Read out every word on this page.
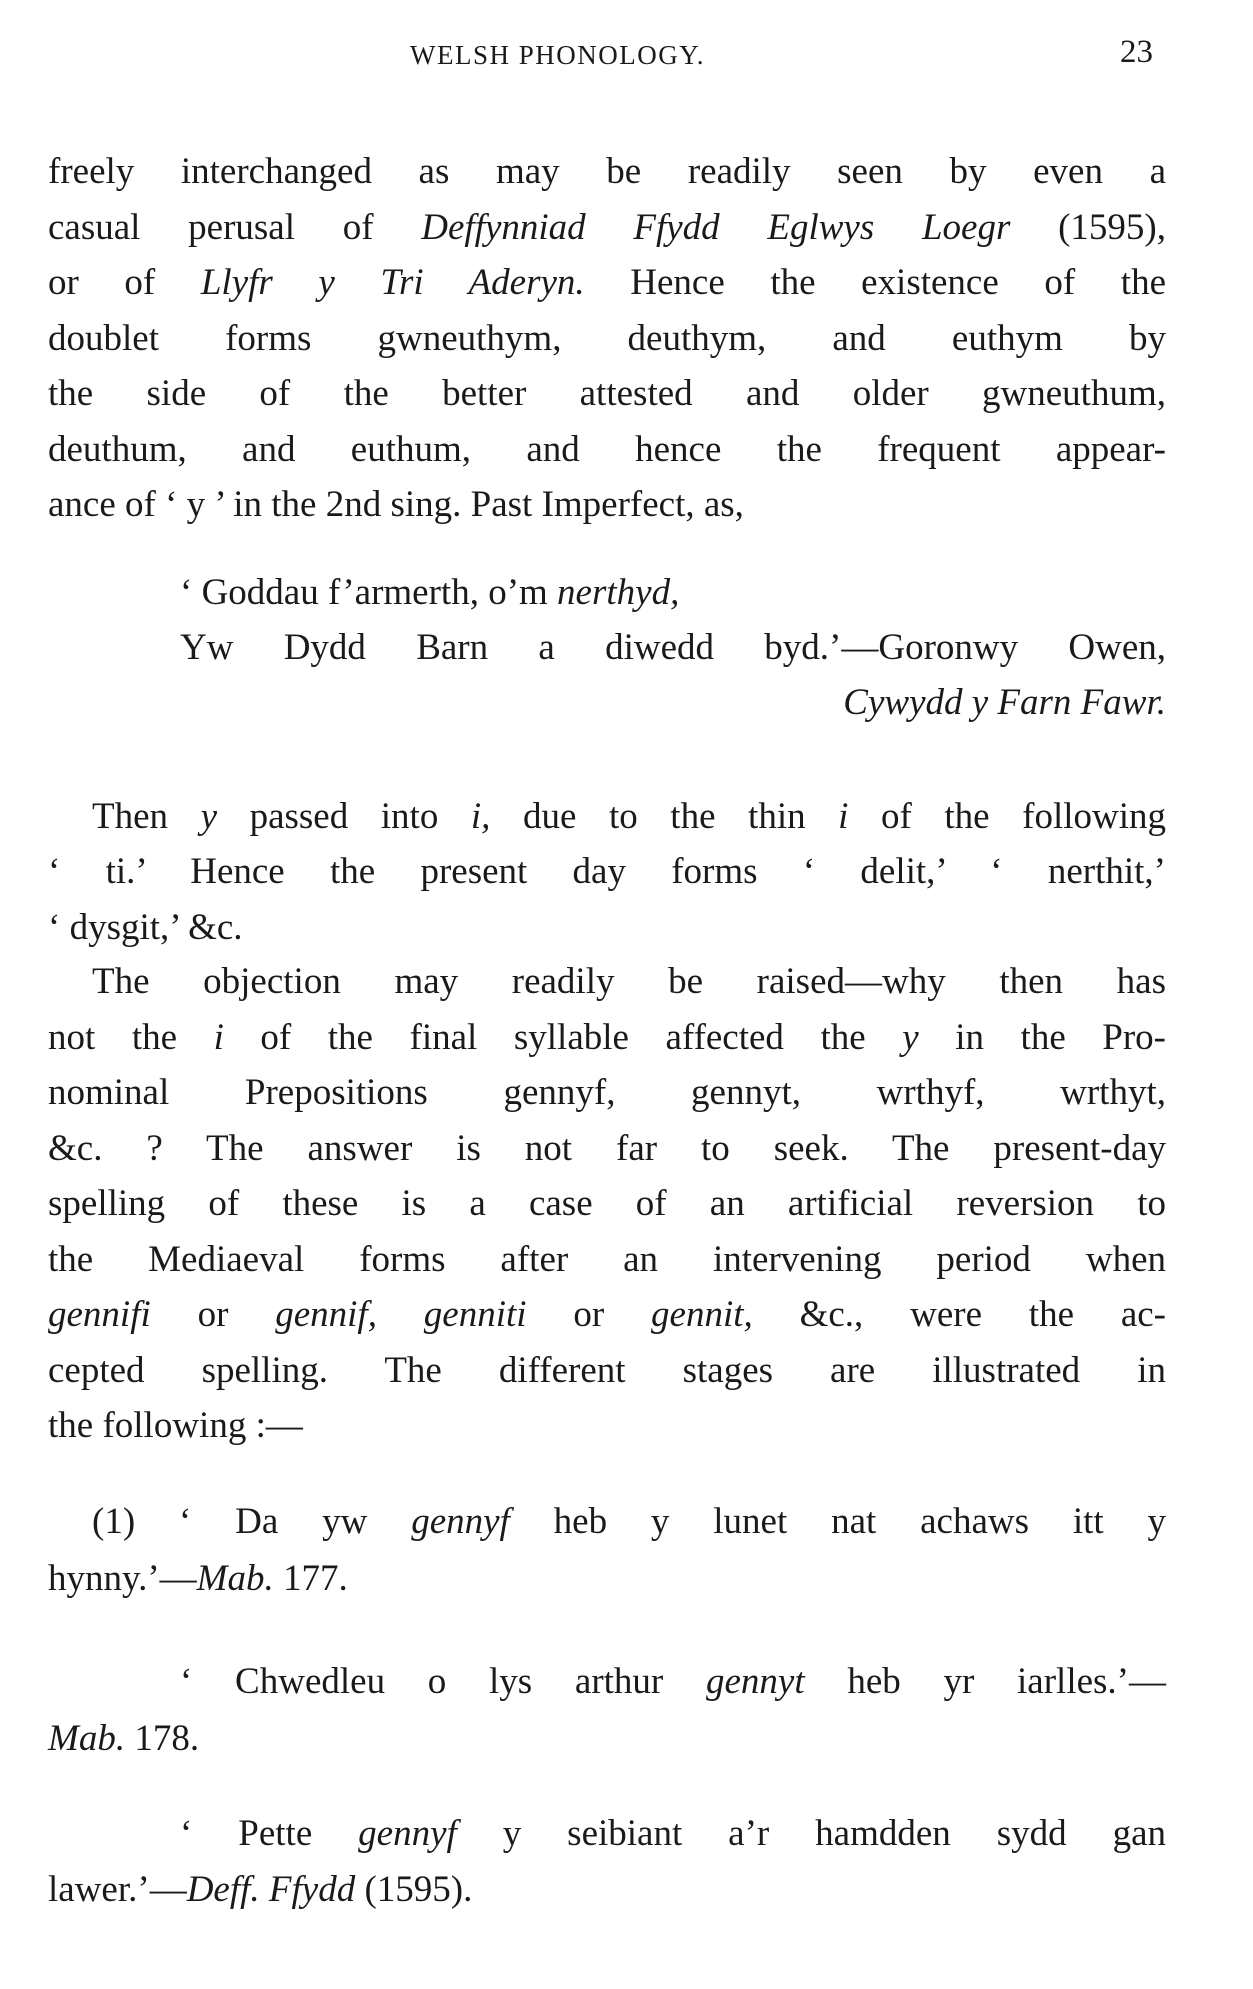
WELSH PHONOLOGY.	23
freely interchanged as may be readily seen by even a
casual perusal of Deffynniad Ffydd Eglwys Loegr (1595),
or of Llyfr y Tri Aderyn. Hence the existence of the
doublet forms gwneuthym, deuthym, and euthym by
the side of the better attested and older gwneuthum,
deuthum, and euthum, and hence the frequent appear-
ance of ‘ y ’ in the 2nd sing. Past Imperfect, as,
‘ Goddau f’armerth, o’m nerthyd,
Yw Dydd Barn a diwedd byd.’—Goronwy Owen,
Cywydd y Farn Fawr.
Then y passed into i, due to the thin i of the following
‘ ti.’ Hence the present day forms ‘ delit,’ ‘ nerthit,’
‘ dysgit,’ &c.
The objection may readily be raised—why then has
not the i of the final syllable affected the y in the Pro-
nominal Prepositions gennyf, gennyt, wrthyf, wrthyt,
&c. ? The answer is not far to seek. The present-day
spelling of these is a case of an artificial reversion to
the Mediaeval forms after an intervening period when
gennifi or gennif, genniti or gennit, &c., were the ac-
cepted spelling. The different stages are illustrated in
the following :—
(1) ‘ Da yw gennyf heb y lunet nat achaws itt y
hynny.’—Mab. 177.
‘ Chwedleu o lys arthur gennyt heb yr iarlles.’—
Mab. 178.
‘ Pette gennyf y seibiant a’r hamdden sydd gan
lawer.’—Deff. Ffydd (1595).
